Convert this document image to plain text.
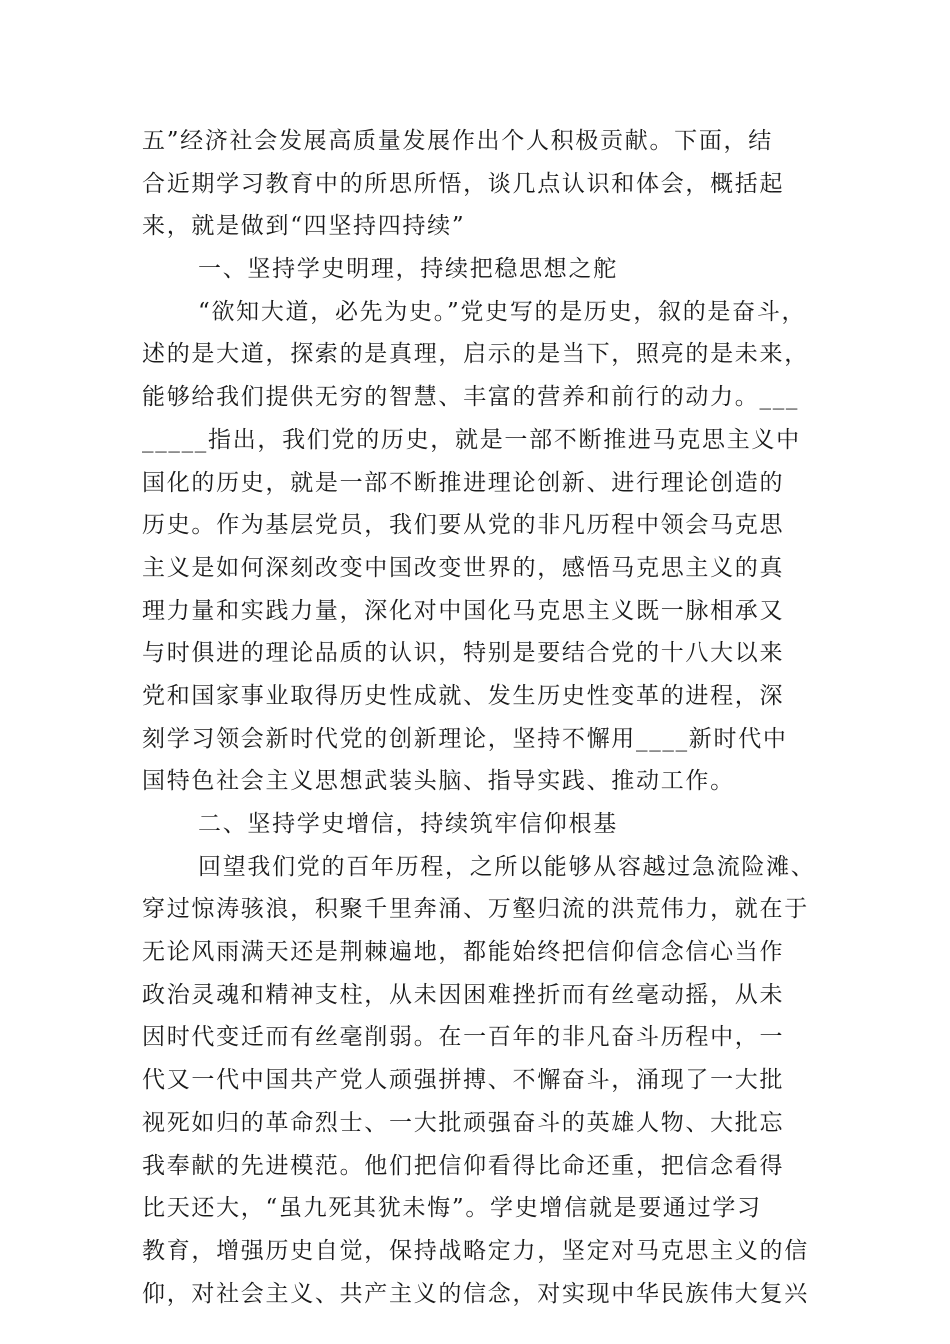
五”经济社会发展高质量发展作出个人积极贡献。下面，结
合近期学习教育中的所思所悟，谈几点认识和体会，概括起
来，就是做到“四坚持四持续”
一、坚持学史明理，持续把稳思想之舵
“欲知大道，必先为史。”党史写的是历史，叙的是奋斗，
述的是大道，探索的是真理，启示的是当下，照亮的是未来，
能够给我们提供无穷的智慧、丰富的营养和前行的动力。___
_____指出，我们党的历史，就是一部不断推进马克思主义中
国化的历史，就是一部不断推进理论创新、进行理论创造的
历史。作为基层党员，我们要从党的非凡历程中领会马克思
主义是如何深刻改变中国改变世界的，感悟马克思主义的真
理力量和实践力量，深化对中国化马克思主义既一脉相承又
与时俱进的理论品质的认识，特别是要结合党的十八大以来
党和国家事业取得历史性成就、发生历史性变革的进程，深
刻学习领会新时代党的创新理论，坚持不懈用____新时代中
国特色社会主义思想武装头脑、指导实践、推动工作。
二、坚持学史增信，持续筑牢信仰根基
回望我们党的百年历程，之所以能够从容越过急流险滩、
穿过惊涛骇浪，积聚千里奔涌、万壑归流的洪荒伟力，就在于
无论风雨满天还是荆棘遍地，都能始终把信仰信念信心当作
政治灵魂和精神支柱，从未因困难挫折而有丝毫动摇，从未
因时代变迁而有丝毫削弱。在一百年的非凡奋斗历程中，一
代又一代中国共产党人顽强拼搏、不懈奋斗，涌现了一大批
视死如归的革命烈士、一大批顽强奋斗的英雄人物、大批忘
我奉献的先进模范。他们把信仰看得比命还重，把信念看得
比天还大，“虽九死其犹未悔”。学史增信就是要通过学习
教育，增强历史自觉，保持战略定力，坚定对马克思主义的信
仰，对社会主义、共产主义的信念，对实现中华民族伟大复兴
